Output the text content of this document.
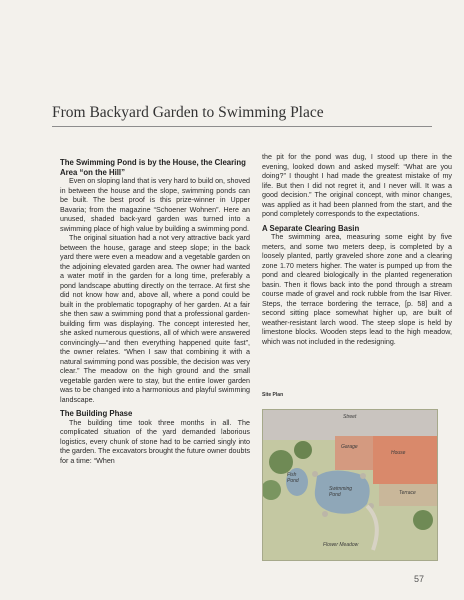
From Backyard Garden to Swimming Place
The Swimming Pond is by the House, the Clearing Area “on the Hill”

Even on sloping land that is very hard to build on, shoved in between the house and the slope, swimming ponds can be built. The best proof is this prize-winner in Upper Bavaria; from the magazine “Schoener Wohnen”. Here an unused, shaded back-yard garden was turned into a swimming place of high value by building a swimming pond.

The original situation had a not very attractive back yard between the house, garage and steep slope; in the back yard there were even a meadow and a vegetable garden on the adjoining elevated garden area. The owner had wanted a water motif in the garden for a long time, preferably a pond landscape abutting directly on the terrace. At first she did not know how and, above all, where a pond could be built in the problematic topography of her garden. At a fair she then saw a swimming pond that a professional garden-building firm was displaying. The concept interested her, she asked numerous questions, all of which were answered convincingly—“and then everything happened quite fast”, the owner relates. “When I saw that combining it with a natural swimming pond was possible, the decision was very clear.” The meadow on the high ground and the small vegetable garden were to stay, but the entire lower garden was to be changed into a harmonious and playful swimming landscape.

The Building Phase

The building time took three months in all. The complicated situation of the yard demanded laborious logistics, every chunk of stone had to be carried singly into the garden. The excavators brought the future owner doubts for a time: “When

the pit for the pond was dug, I stood up there in the evening, looked down and asked myself: “What are you doing?” I thought I had made the greatest mistake of my life. But then I did not regret it, and I never will. It was a good decision.” The original concept, with minor changes, was applied as it had been planned from the start, and the pond completely corresponds to the expectations.

A Separate Clearing Basin

The swimming area, measuring some eight by five meters, and some two meters deep, is completed by a loosely planted, partly graveled shore zone and a clearing zone 1.70 meters higher. The water is pumped up from the pond and cleared biologically in the planted regeneration basin. Then it flows back into the pond through a stream course made of gravel and rock rubble from the Isar River. Steps, the terrace bordering the terrace, [p. 58] and a second sitting place somewhat higher up, are built of weather-resistant larch wood. The steep slope is held by limestone blocks. Wooden steps lead to the high meadow, which was not included in the redesigning.

Site Plan
Street
Garage
House
Fish Pond
Swimming Pond	Terrace
Flower Meadow
57
